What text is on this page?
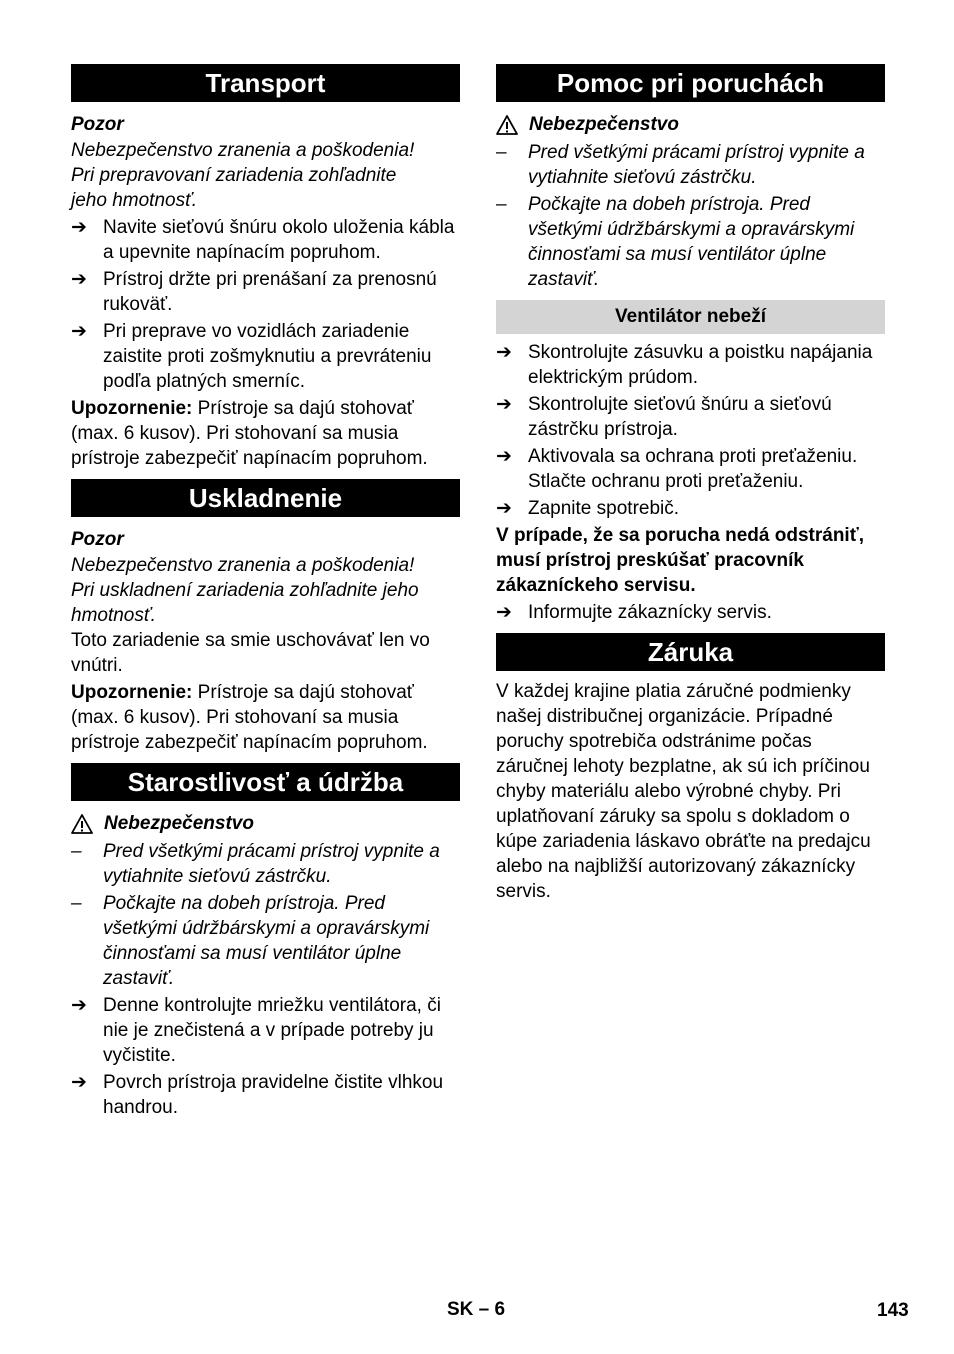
Transport
Pozor
Nebezpečenstvo zranenia a poškodenia!
Pri prepravovaní zariadenia zohľadnite
jeho hmotnosť.
➔ Navite sieťovú šnúru okolo uloženia kábla a upevnite napínacím popruhom.
➔ Prístroj držte pri prenášaní za prenosnú rukoväť.
➔ Pri preprave vo vozidlách zariadenie zaistite proti zošmyknutiu a prevráteniu podľa platných smerníc.

Upozornenie: Prístroje sa dajú stohovať (max. 6 kusov). Pri stohovaní sa musia prístroje zabezpečiť napínacím popruhom.

Uskladnenie
Pozor
Nebezpečenstvo zranenia a poškodenia!
Pri uskladnení zariadenia zohľadnite jeho
hmotnosť.

Toto zariadenie sa smie uschovávať len vo vnútri.

Upozornenie: Prístroje sa dajú stohovať (max. 6 kusov). Pri stohovaní sa musia prístroje zabezpečiť napínacím popruhom.

Starostlivosť a údržba
Nebezpečenstvo
– Pred všetkými prácami prístroj vypnite a vytiahnite sieťovú zástrčku.
– Počkajte na dobeh prístroja. Pred všetkými údržbárskymi a opravárskymi činnosťami sa musí ventilátor úplne zastaviť.
➔ Denne kontrolujte mriežku ventilátora, či nie je znečistená a v prípade potreby ju vyčistite.
➔ Povrch prístroja pravidelne čistite vlhkou handrou.
Pomoc pri poruchách
Nebezpečenstvo
– Pred všetkými prácami prístroj vypnite a vytiahnite sieťovú zástrčku.
– Počkajte na dobeh prístroja. Pred všetkými údržbárskymi a opravárskymi činnosťami sa musí ventilátor úplne zastaviť.
Ventilátor nebeží
➔ Skontrolujte zásuvku a poistku napájania elektrickým prúdom.
➔ Skontrolujte sieťovú šnúru a sieťovú zástrčku prístroja.
➔ Aktivovala sa ochrana proti preťaženiu. Stlačte ochranu proti preťaženiu.
➔ Zapnite spotrebič.

V prípade, že sa porucha nedá odstrániť, musí prístroj preskúšať pracovník zákazníckeho servisu.

➔ Informujte zákaznícky servis.
Záruka

V každej krajine platia záručné podmienky našej distribučnej organizácie. Prípadné poruchy spotrebiča odstránime počas záručnej lehoty bezplatne, ak sú ich príčinou chyby materiálu alebo výrobné chyby. Pri uplatňovaní záruky sa spolu s dokladom o kúpe zariadenia láskavo obráťte na predajcu alebo na najbližší autorizovaný zákaznícky servis.

SK – 6	143
